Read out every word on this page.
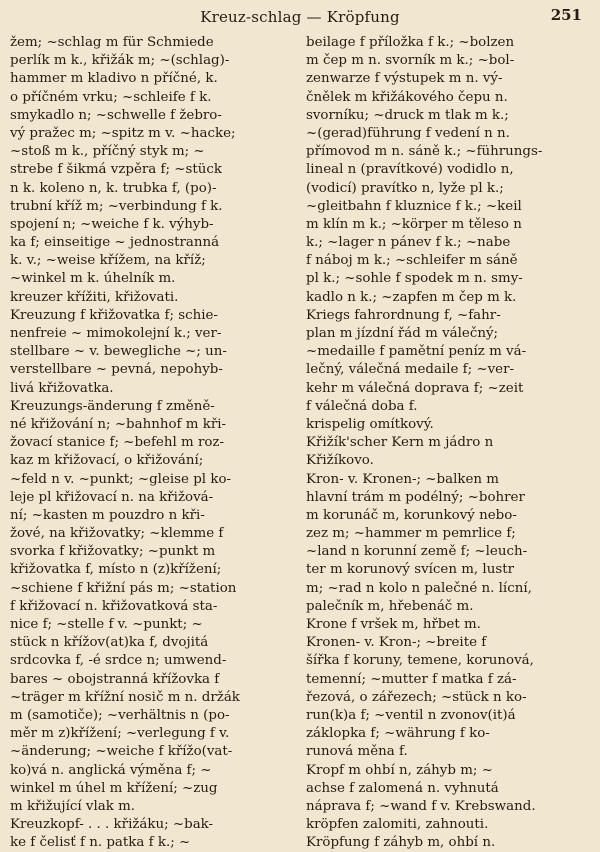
Kreuz-schlag — Kröpfung	251
žem; ~schlag m für Schmiede
perlík m k., křižák m; ~(schlag)-
hammer m kladivo n příčné, k.
o příčném vrku; ~schleife f k.
smykadlo n; ~schwelle f žebro-
vý pražec m; ~spitz m v. ~hacke;
~stoß m k., příčný styk m; ~
strebe f šikmá vzpěra f; ~stück
n k. koleno n, k. trubka f, (po)-
trubní kříž m; ~verbindung f k.
spojení n; ~weiche f k. výhyb-
ka f; einseitige ~ jednostranná
k. v.; ~weise křížem, na kříž;
~winkel m k. úhelník m.
kreuzer křížiti, křižovati.
Kreuzung f křižovatka f; schie-
nenfreie ~ mimokolejní k.; ver-
stellbare ~ v. bewegliche ~; un-
verstellbare ~ pevná, nepohyb-
livá křižovatka.
Kreuzungs-änderung f změně-
né křižování n; ~bahnhof m kři-
žovací stanice f; ~befehl m roz-
kaz m křižovací, o křižování;
~feld n v. ~punkt; ~gleise pl ko-
leje pl křižovací n. na křižová-
ní; ~kasten m pouzdro n kři-
žové, na křižovatky; ~klemme f
svorka f křižovatky; ~punkt m
křižovatka f, místo n (z)křížení;
~schiene f křižní pás m; ~station
f křižovací n. křižovatková sta-
nice f; ~stelle f v. ~punkt; ~
stück n křížov(at)ka f, dvojitá
srdcovka f, -é srdce n; umwend-
bares ~ obojstranná křížovka f
~träger m křížní nosič m n. držák
m (samotiče); ~verhältnis n (po-
měr m z)křížení; ~verlegung f v.
~änderung; ~weiche f křížo(vat-
ko)vá n. anglická výměna f; ~
winkel m úhel m křížení; ~zug
m křižující vlak m.
Kreuzkopf- . . . křižáku; ~bak-
ke f čelisť f n. patka f k.; ~
beilage f příložka f k.; ~bolzen
m čep m n. svorník m k.; ~bol-
zenwarze f výstupek m n. vý-
čnělek m křižákového čepu n.
svorníku; ~druck m tlak m k.;
~(gerad)führung f vedení n n.
přímovod m n. sáně k.; ~führungs-
lineal n (pravítkové) vodidlo n,
(vodicí) pravítko n, lyže pl k.;
~gleitbahn f kluznice f k.; ~keil
m klín m k.; ~körper m těleso n
k.; ~lager n pánev f k.; ~nabe
f náboj m k.; ~schleifer m sáně
pl k.; ~sohle f spodek m n. smy-
kadlo n k.; ~zapfen m čep m k.
Kriegs fahrordnung f, ~fahr-
plan m jízdní řád m válečný;
~medaille f pamětní peníz m vá-
lečný, válečná medaile f; ~ver-
kehr m válečná doprava f; ~zeit
f válečná doba f.
krispelig omítkový.
Křižík'scher Kern m jádro n
Křižíkovo.
Kron- v. Kronen-; ~balken m
hlavní trám m podélný; ~bohrer
m korunáč m, korunkový nebo-
zez m; ~hammer m pemrlice f;
~land n korunní země f; ~leuch-
ter m korunový svícen m, lustr
m; ~rad n kolo n palečné n. lícní,
palečník m, hřebenáč m.
Krone f vršek m, hřbet m.
Kronen- v. Kron-; ~breite f
šířka f koruny, temene, korunová,
temenní; ~mutter f matka f zá-
řezová, o zářezech; ~stück n ko-
run(k)a f; ~ventil n zvonov(it)á
záklopka f; ~währung f ko-
runová měna f.
Kropf m ohbí n, záhyb m; ~
achse f zalomená n. vyhnutá
náprava f; ~wand f v. Krebswand.
kröpfen zalomiti, zahnouti.
Kröpfung f záhyb m, ohbí n.
